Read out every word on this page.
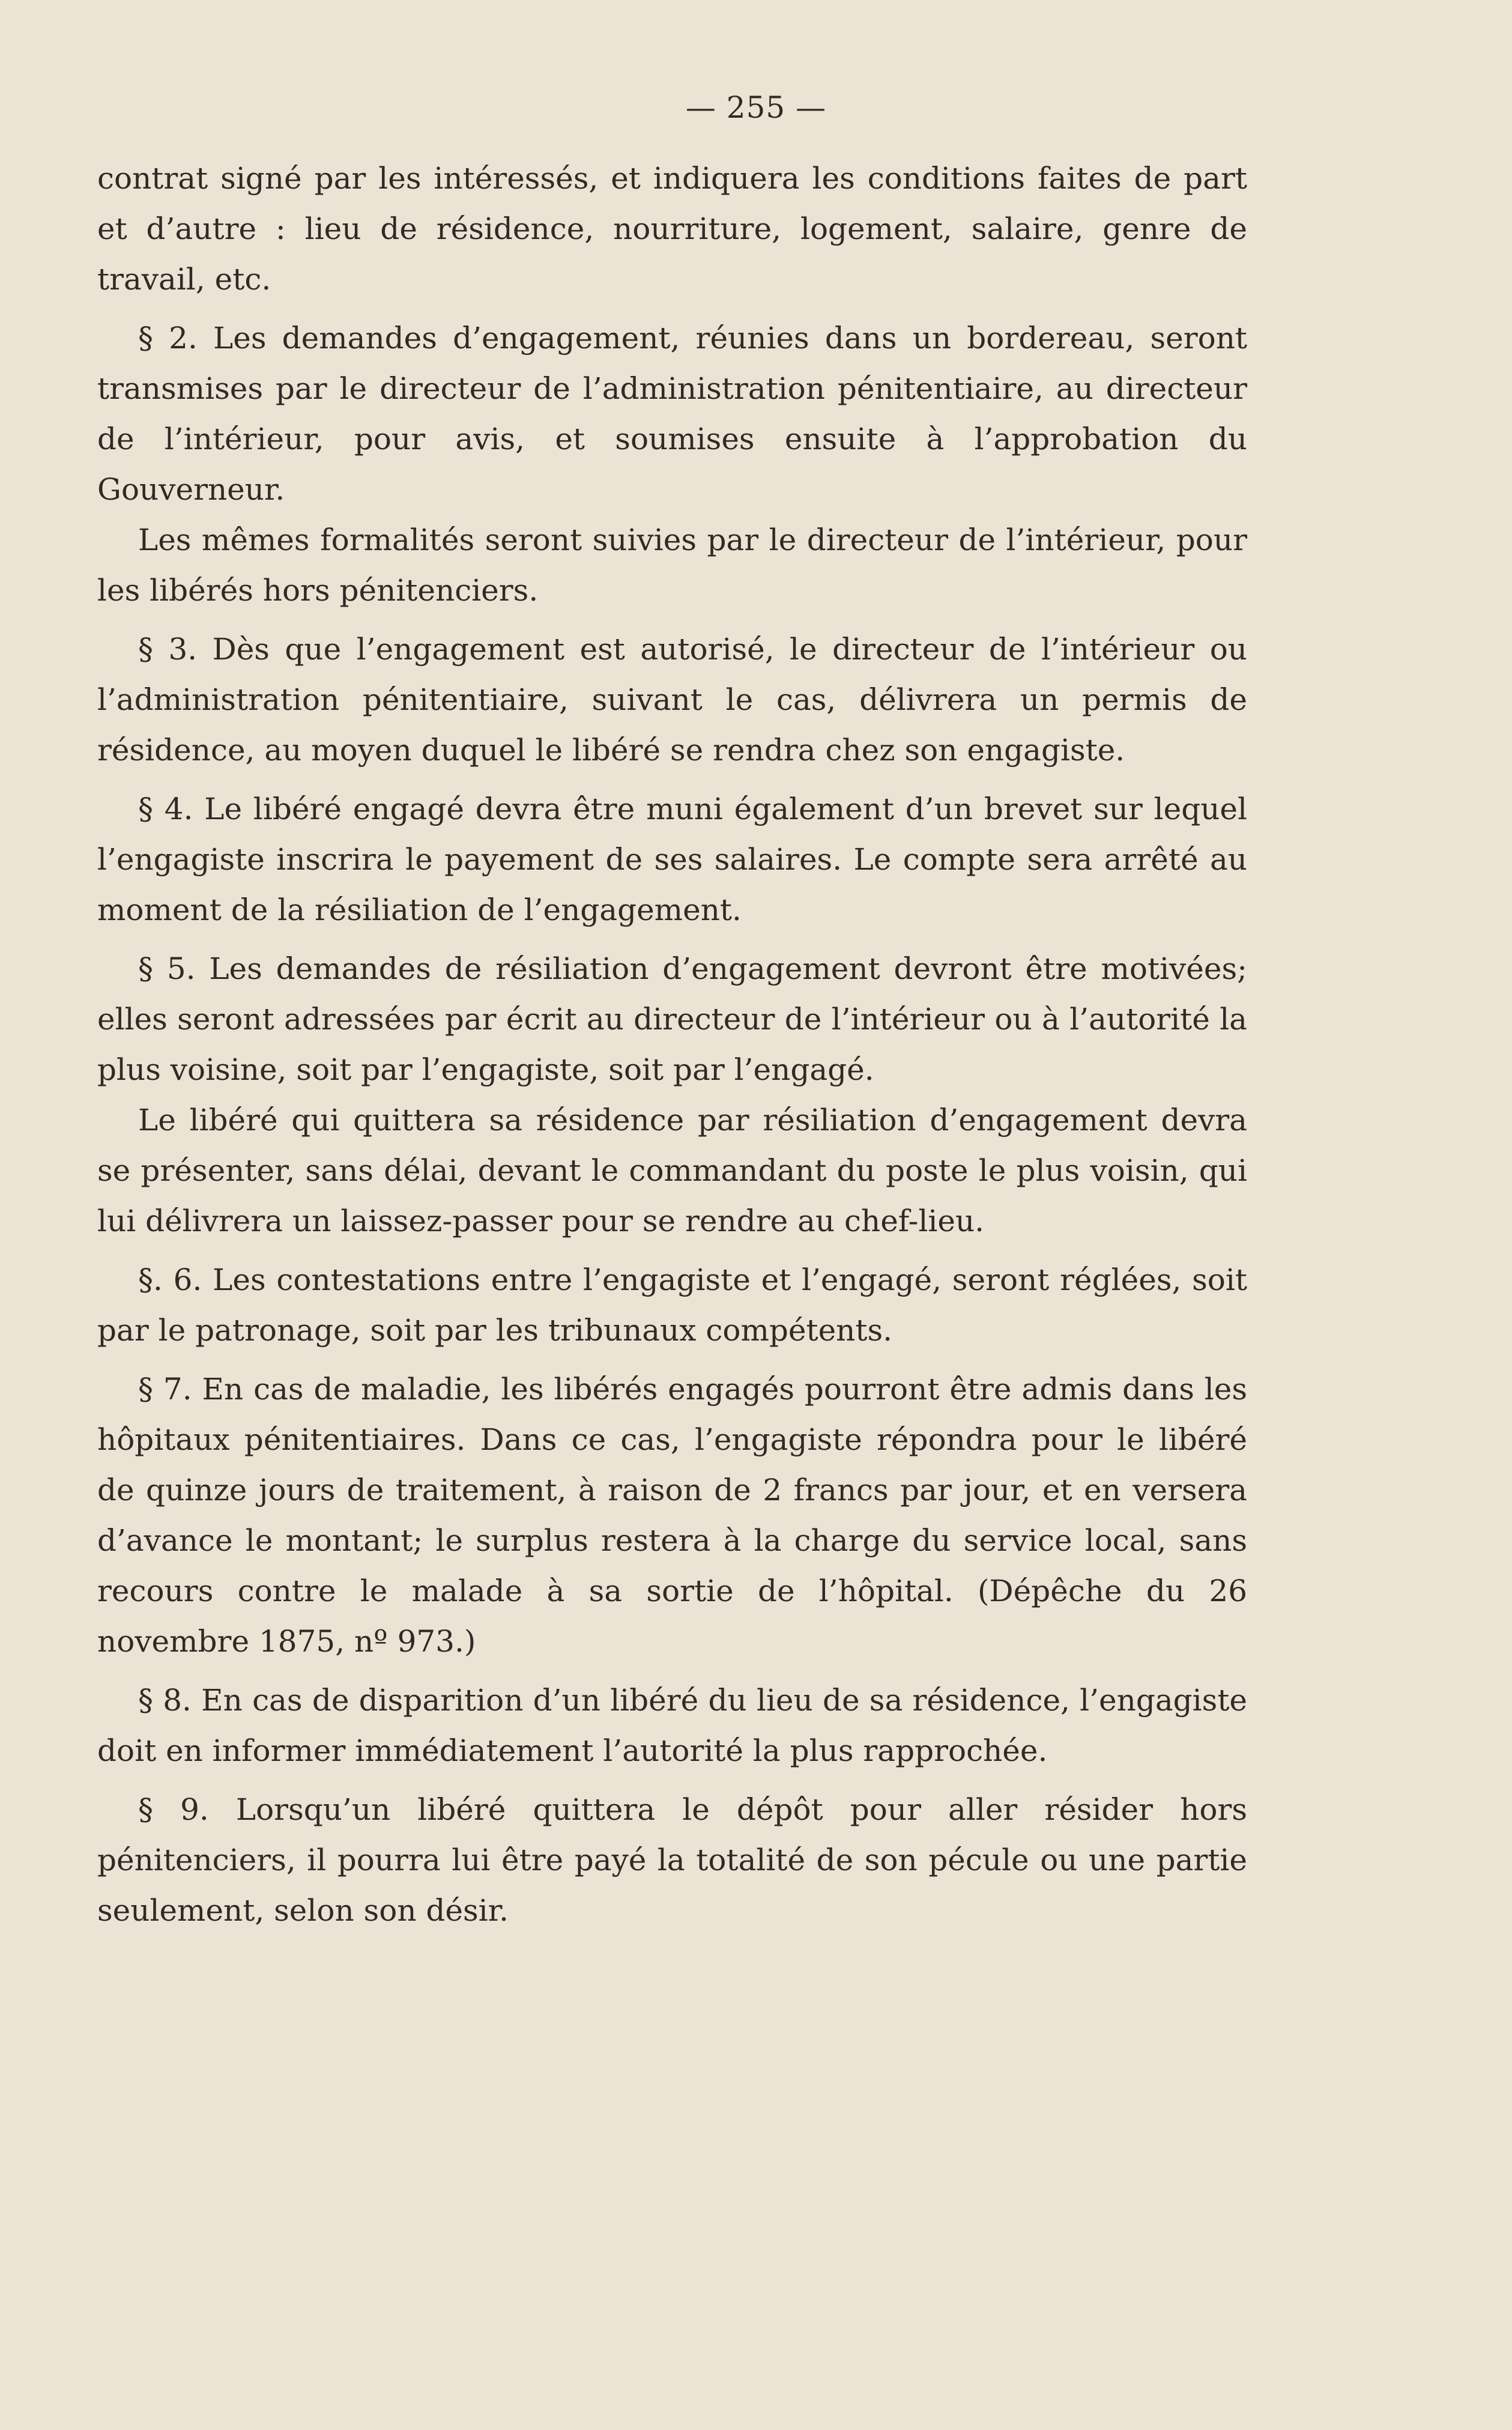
— 255 —

contrat signé par les intéressés, et indiquera les conditions faites de part et d’autre : lieu de résidence, nourriture, logement, salaire, genre de travail, etc.

§ 2. Les demandes d’engagement, réunies dans un bordereau, seront transmises par le directeur de l’administration pénitentiaire, au directeur de l’intérieur, pour avis, et soumises ensuite à l’approbation du Gouverneur.

Les mêmes formalités seront suivies par le directeur de l’intérieur, pour les libérés hors pénitenciers.

§ 3. Dès que l’engagement est autorisé, le directeur de l’intérieur ou l’administration pénitentiaire, suivant le cas, délivrera un permis de résidence, au moyen duquel le libéré se rendra chez son engagiste.

§ 4. Le libéré engagé devra être muni également d’un brevet sur lequel l’engagiste inscrira le payement de ses salaires. Le compte sera arrêté au moment de la résiliation de l’engagement.

§ 5. Les demandes de résiliation d’engagement devront être motivées; elles seront adressées par écrit au directeur de l’intérieur ou à l’autorité la plus voisine, soit par l’engagiste, soit par l’engagé.

Le libéré qui quittera sa résidence par résiliation d’engagement devra se présenter, sans délai, devant le commandant du poste le plus voisin, qui lui délivrera un laissez-passer pour se rendre au chef-lieu.

§. 6. Les contestations entre l’engagiste et l’engagé, seront réglées, soit par le patronage, soit par les tribunaux compétents.

§ 7. En cas de maladie, les libérés engagés pourront être admis dans les hôpitaux pénitentiaires. Dans ce cas, l’engagiste répondra pour le libéré de quinze jours de traitement, à raison de 2 francs par jour, et en versera d’avance le montant; le surplus restera à la charge du service local, sans recours contre le malade à sa sortie de l’hôpital. (Dépêche du 26 novembre 1875, nº 973.)

§ 8. En cas de disparition d’un libéré du lieu de sa résidence, l’engagiste doit en informer immédiatement l’autorité la plus rapprochée.

§ 9. Lorsqu’un libéré quittera le dépôt pour aller résider hors pénitenciers, il pourra lui être payé la totalité de son pécule ou une partie seulement, selon son désir.
